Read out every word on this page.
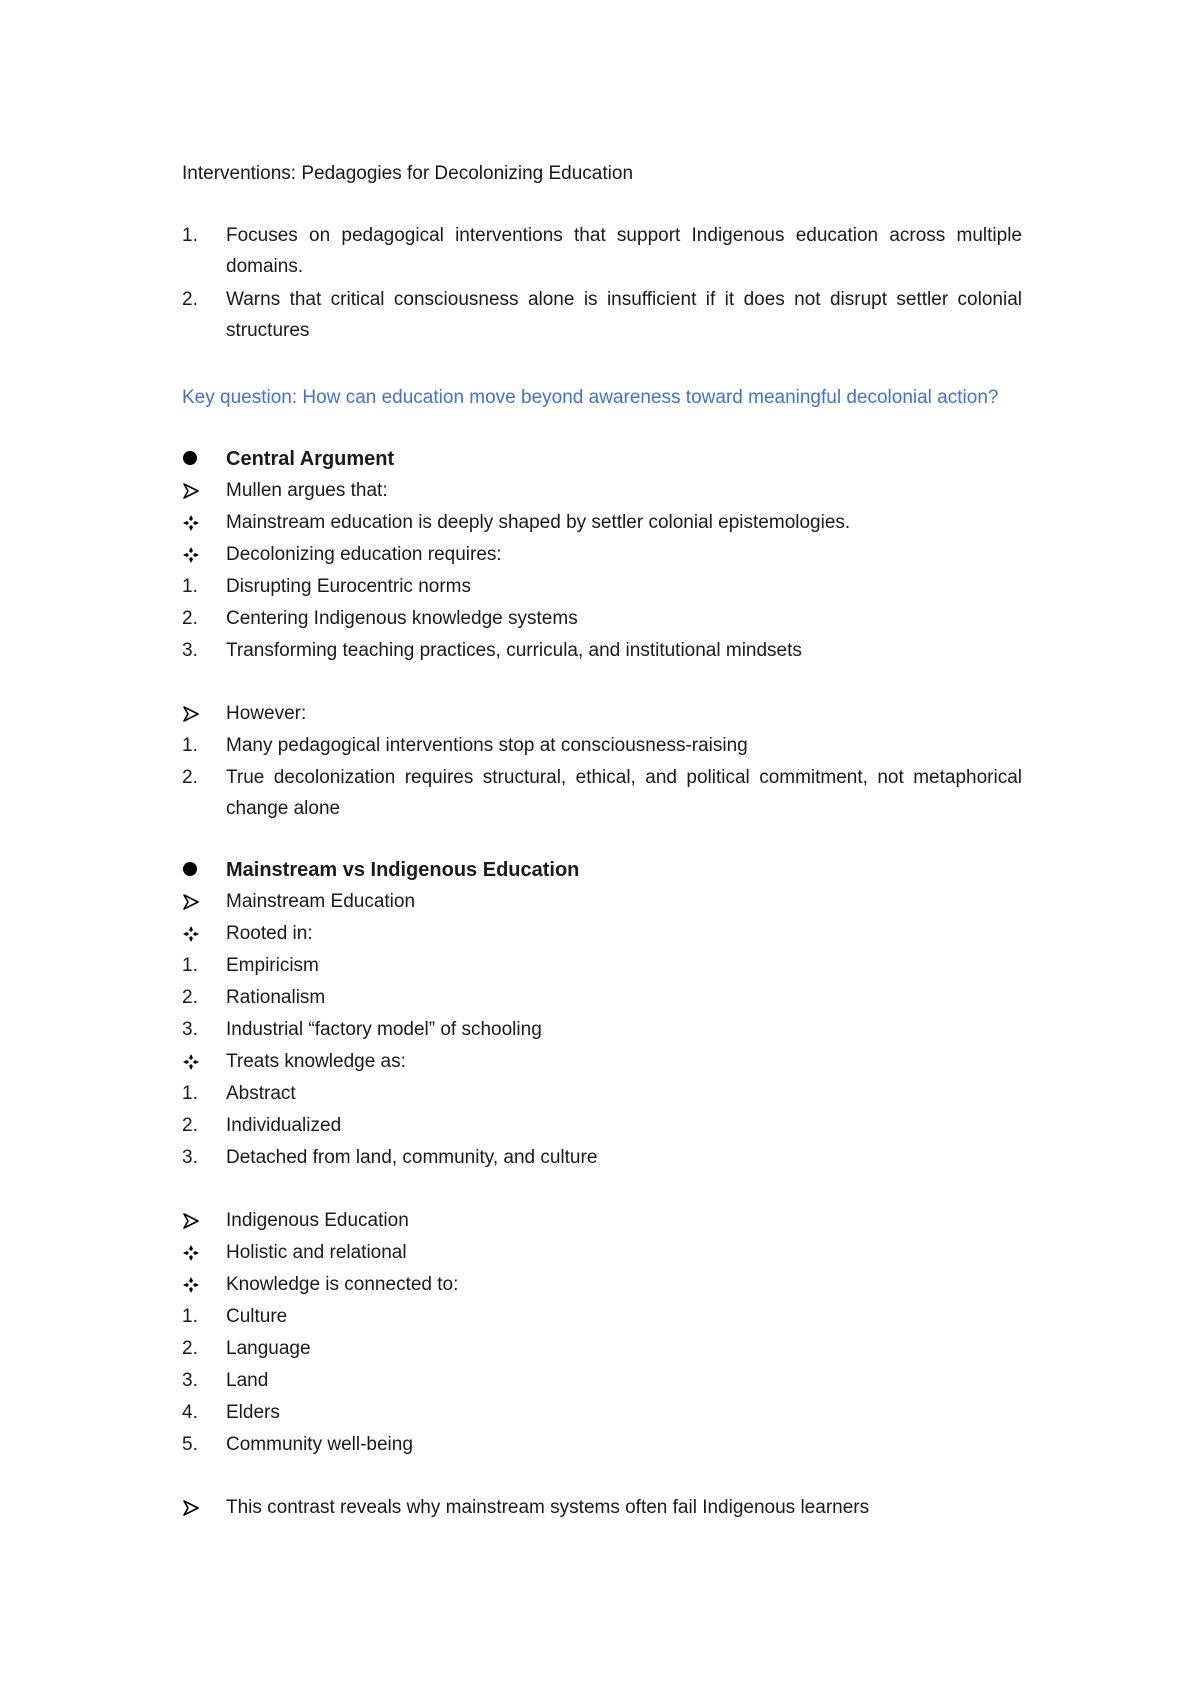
Interventions: Pedagogies for Decolonizing Education
1.	Focuses on pedagogical interventions that support Indigenous education across multiple domains.
2.	Warns that critical consciousness alone is insufficient if it does not disrupt settler colonial structures
Key question: How can education move beyond awareness toward meaningful decolonial action?
Central Argument
Mullen argues that:
Mainstream education is deeply shaped by settler colonial epistemologies.
Decolonizing education requires:
1.	Disrupting Eurocentric norms
2.	Centering Indigenous knowledge systems
3.	Transforming teaching practices, curricula, and institutional mindsets
However:
1.	Many pedagogical interventions stop at consciousness-raising
2.	True decolonization requires structural, ethical, and political commitment, not metaphorical change alone
Mainstream vs Indigenous Education
Mainstream Education
Rooted in:
1.	Empiricism
2.	Rationalism
3.	Industrial “factory model” of schooling
Treats knowledge as:
1.	Abstract
2.	Individualized
3.	Detached from land, community, and culture
Indigenous Education
Holistic and relational
Knowledge is connected to:
1.	Culture
2.	Language
3.	Land
4.	Elders
5.	Community well-being
This contrast reveals why mainstream systems often fail Indigenous learners
